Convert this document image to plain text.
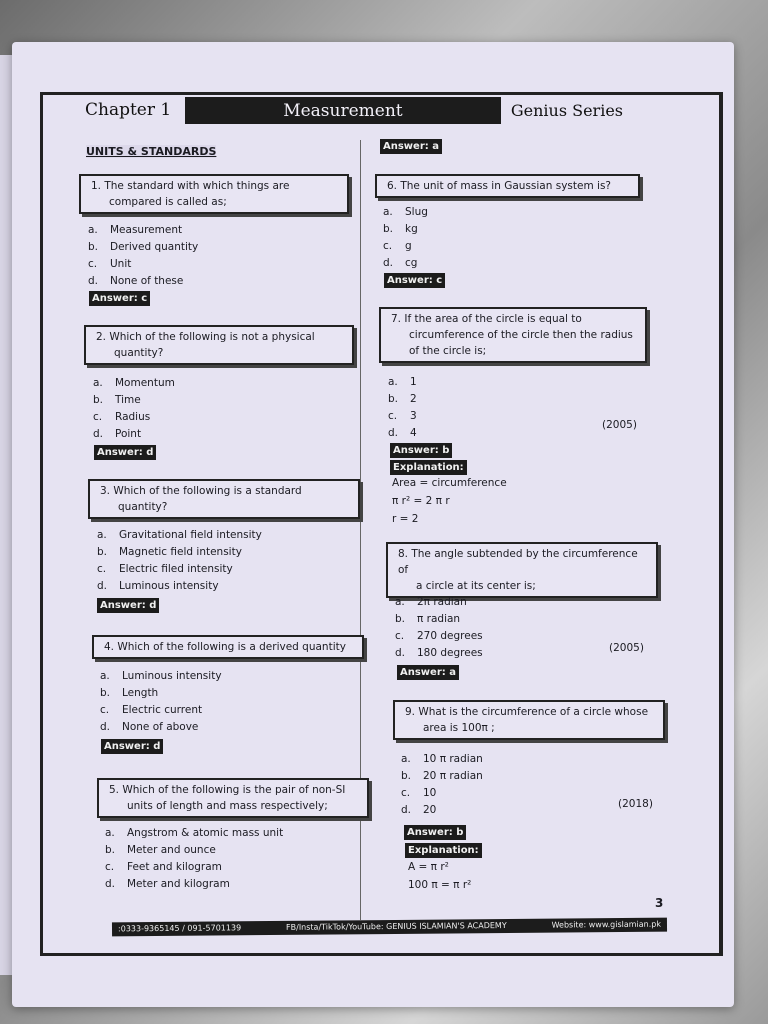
Chapter 1	Measurement	Genius Series
UNITS & STANDARDS
1. The standard with which things are
compared is called as;
a.	Measurement
b.	Derived quantity
c.	Unit
d.	None of these
Answer: c
2. Which of the following is not a physical
quantity?
a.	Momentum
b.	Time
c.	Radius
d.	Point
Answer: d
3. Which of the following is a standard
quantity?
a.	Gravitational field intensity
b.	Magnetic field intensity
c.	Electric filed intensity
d.	Luminous intensity
Answer: d
4. Which of the following is a derived quantity
a.	Luminous intensity
b.	Length
c.	Electric current
d.	None of above
Answer: d
5. Which of the following is the pair of non-SI
units of length and mass respectively;
a.	Angstrom & atomic mass unit
b.	Meter and ounce
c.	Feet and kilogram
d.	Meter and kilogram
Answer: a
6. The unit of mass in Gaussian system is?
a.	Slug
b.	kg
c.	g
d.	cg
Answer: c
7. If the area of the circle is equal to
circumference of the circle then the radius
of the circle is;
a.	1
b.	2
c.	3
d.	4
(2005)
Answer: b
Explanation:
Area = circumference
π r² = 2 π r
r = 2
8. The angle subtended by the circumference of
a circle at its center is;
a.	2π radian
b.	π radian
c.	270 degrees
d.	180 degrees	(2005)
Answer: a
9. What is the circumference of a circle whose
area is 100π ;
a.	10 π radian
b.	20 π radian
c.	10
d.	20	(2018)
Answer: b
Explanation:
A = π r²
100 π = π r²
3
:0333-9365145 / 091-5701139	FB/Insta/TikTok/YouTube: GENIUS ISLAMIAN'S ACADEMY	Website: www.gislamian.pk
